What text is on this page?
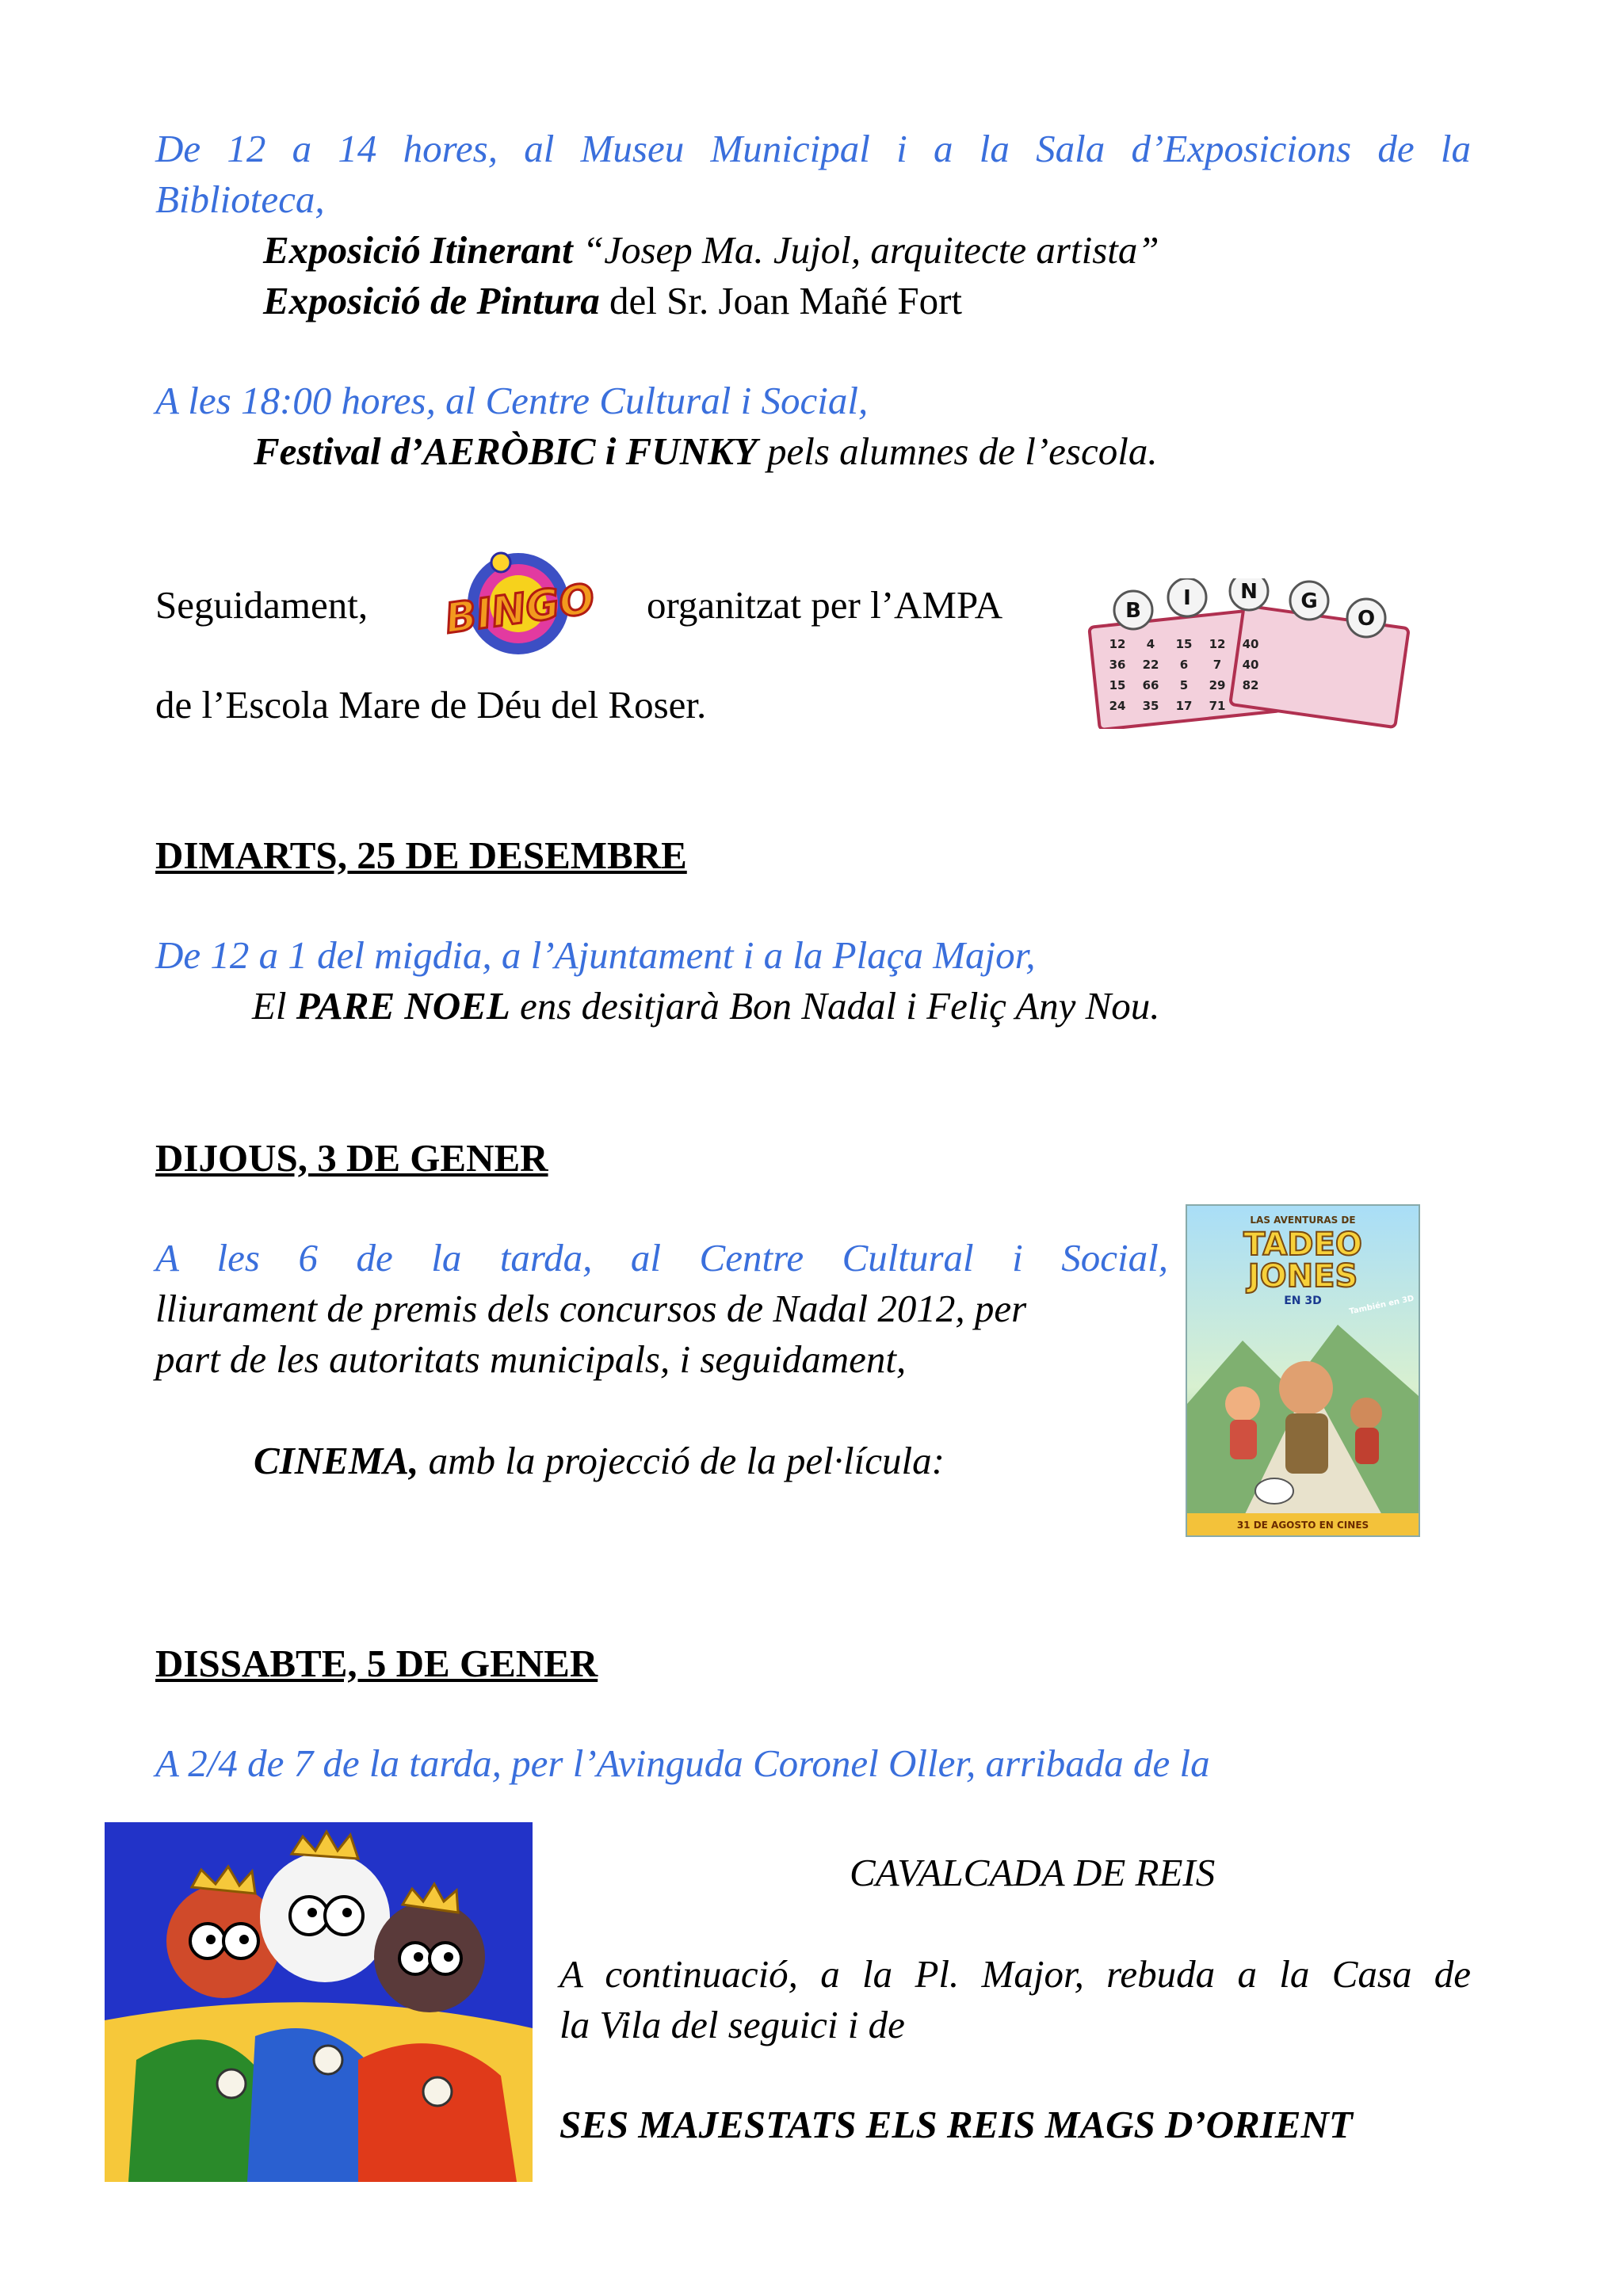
De 12 a 14 hores, al Museu Municipal i a la Sala d’Exposicions de la
Biblioteca,
Exposició Itinerant “Josep Ma. Jujol, arquitecte artista”
Exposició de Pintura del Sr. Joan Mañé Fort
A les 18:00 hores, al Centre Cultural i Social,
Festival d’AERÒBIC i FUNKY pels alumnes de l’escola.
Seguidament, BINGO organitzat per l’AMPA
de l’Escola Mare de Déu del Roser.
12 4 15 12 40
36 22 6 7 40
15 66 5 29 82
24 35 17 71
B
I N G
O
DIMARTS, 25 DE DESEMBRE
De 12 a 1 del migdia, a l’Ajuntament i a la Plaça Major,
El PARE NOEL ens desitjarà Bon Nadal i Feliç Any Nou.
DIJOUS, 3 DE GENER
A les 6 de la tarda, al Centre Cultural i Social,
lliurament de premis dels concursos de Nadal 2012, per
part de les autoritats municipals, i seguidament,
CINEMA, amb la projecció de la pel·lícula:
LAS AVENTURAS DE
TADEO
JONES
EN 3D	También en 3D
31 DE AGOSTO EN CINES
DISSABTE, 5 DE GENER
A 2/4 de 7 de la tarda, per l’Avinguda Coronel Oller, arribada de la
CAVALCADA DE REIS
A continuació, a la Pl. Major, rebuda a la Casa de
la Vila del seguici i de
SES MAJESTATS ELS REIS MAGS D’ORIENT
